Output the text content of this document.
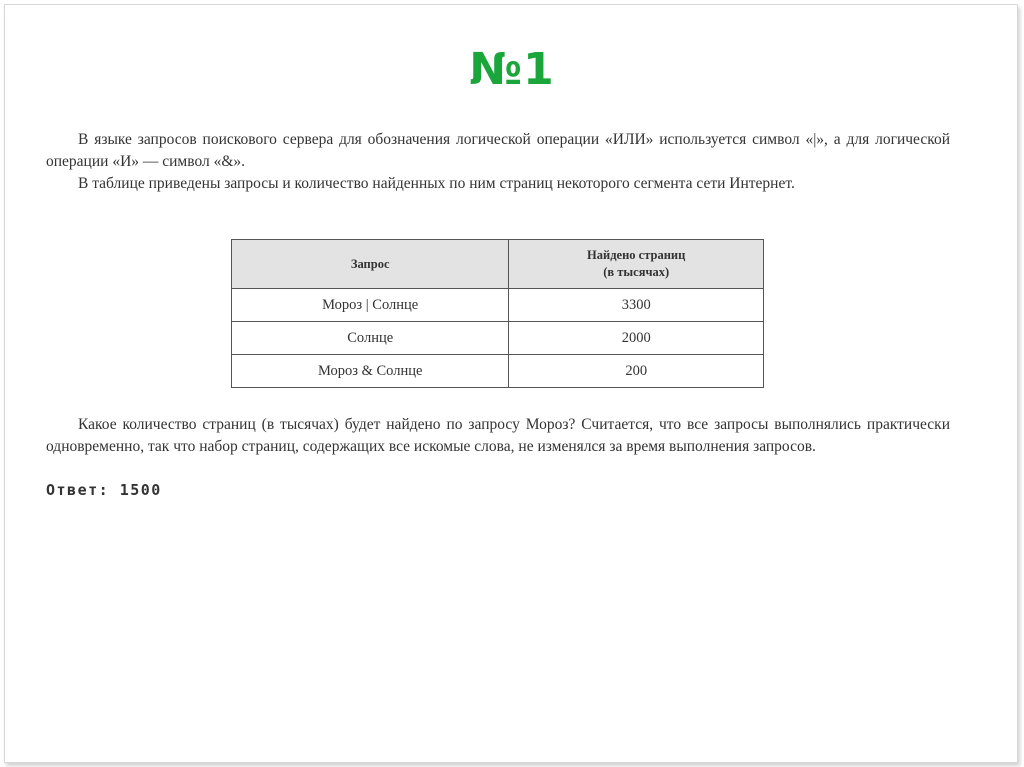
№1

В языке запросов поискового сервера для обозначения логической операции «ИЛИ» используется символ «|», а для логической операции «И» — символ «&».

В таблице приведены запросы и количество найденных по ним страниц некоторого сегмента сети Интернет.

Запрос	Найдено страниц
(в тысячах)
Мороз | Солнце	3300
Солнце	2000
Мороз & Солнце	200

Какое количество страниц (в тысячах) будет найдено по запросу Мороз? Считается, что все запросы выполнялись практически одновременно, так что набор страниц, содержащих все искомые слова, не изменялся за время выполнения запросов.

Ответ: 1500
